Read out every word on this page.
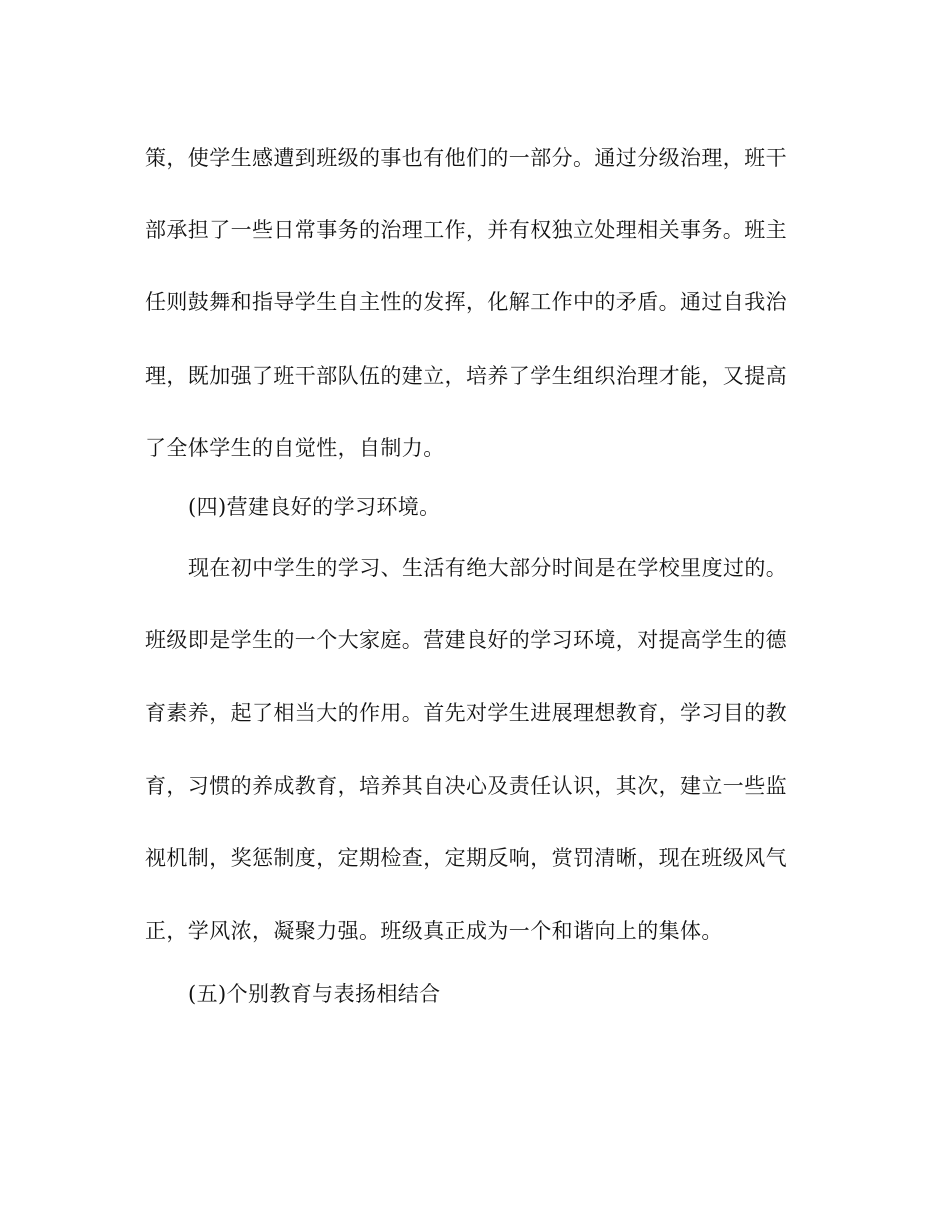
策，使学生感遭到班级的事也有他们的一部分。通过分级治理，班干
部承担了一些日常事务的治理工作，并有权独立处理相关事务。班主
任则鼓舞和指导学生自主性的发挥，化解工作中的矛盾。通过自我治
理，既加强了班干部队伍的建立，培养了学生组织治理才能，又提高
了全体学生的自觉性，自制力。
(四)营建良好的学习环境。
现在初中学生的学习、生活有绝大部分时间是在学校里度过的。
班级即是学生的一个大家庭。营建良好的学习环境，对提高学生的德
育素养，起了相当大的作用。首先对学生进展理想教育，学习目的教
育，习惯的养成教育，培养其自决心及责任认识，其次，建立一些监
视机制，奖惩制度，定期检查，定期反响，赏罚清晰，现在班级风气
正，学风浓，凝聚力强。班级真正成为一个和谐向上的集体。
(五)个别教育与表扬相结合
